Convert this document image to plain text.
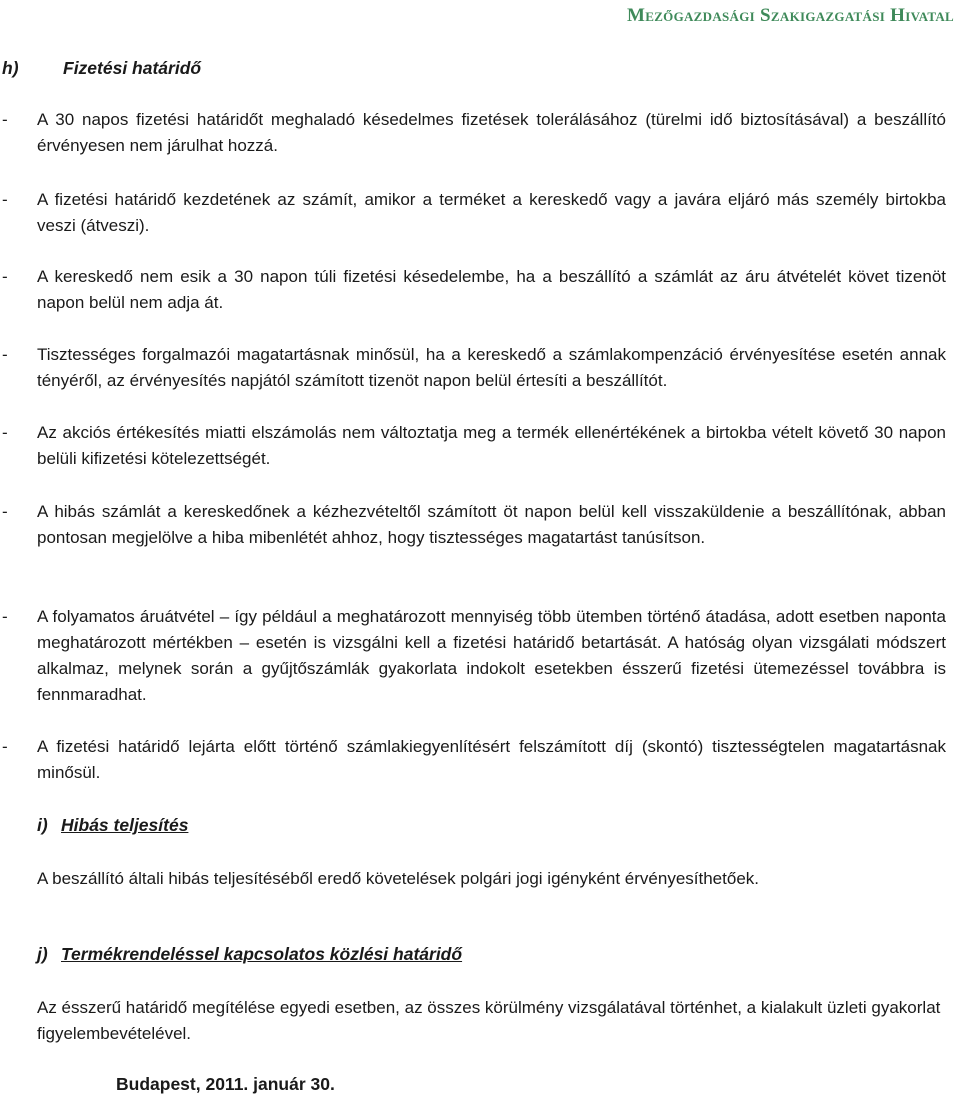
Mezőgazdasági Szakigazgatási Hivatal
h)	Fizetési határidő
- A 30 napos fizetési határidőt meghaladó késedelmes fizetések tolerálásához (türelmi idő biztosításával) a beszállító érvényesen nem járulhat hozzá.
- A fizetési határidő kezdetének az számít, amikor a terméket a kereskedő vagy a javára eljáró más személy birtokba veszi (átveszi).
- A kereskedő nem esik a 30 napon túli fizetési késedelembe, ha a beszállító a számlát az áru átvételét követ tizenöt napon belül nem adja át.
- Tisztességes forgalmazói magatartásnak minősül, ha a kereskedő a számlakompenzáció érvényesítése esetén annak tényéről, az érvényesítés napjától számított tizenöt napon belül értesíti a beszállítót.
- Az akciós értékesítés miatti elszámolás nem változtatja meg a termék ellenértékének a birtokba vételt követő 30 napon belüli kifizetési kötelezettségét.
- A hibás számlát a kereskedőnek a kézhezvételtől számított öt napon belül kell visszaküldenie a beszállítónak, abban pontosan megjelölve a hiba mibenlétét ahhoz, hogy tisztességes magatartást tanúsítson.
- A folyamatos áruátvétel – így például a meghatározott mennyiség több ütemben történő átadása, adott esetben naponta meghatározott mértékben – esetén is vizsgálni kell a fizetési határidő betartását. A hatóság olyan vizsgálati módszert alkalmaz, melynek során a gyűjtőszámlák gyakorlata indokolt esetekben ésszerű fizetési ütemezéssel továbbra is fennmaradhat.
- A fizetési határidő lejárta előtt történő számlakiegyenlítésért felszámított díj (skontó) tisztességtelen magatartásnak minősül.
i) Hibás teljesítés
A beszállító általi hibás teljesítéséből eredő követelések polgári jogi igényként érvényesíthetőek.
j) Termékrendeléssel kapcsolatos közlési határidő
Az ésszerű határidő megítélése egyedi esetben, az összes körülmény vizsgálatával történhet, a kialakult üzleti gyakorlat figyelembevételével.
Budapest, 2011. január 30.
